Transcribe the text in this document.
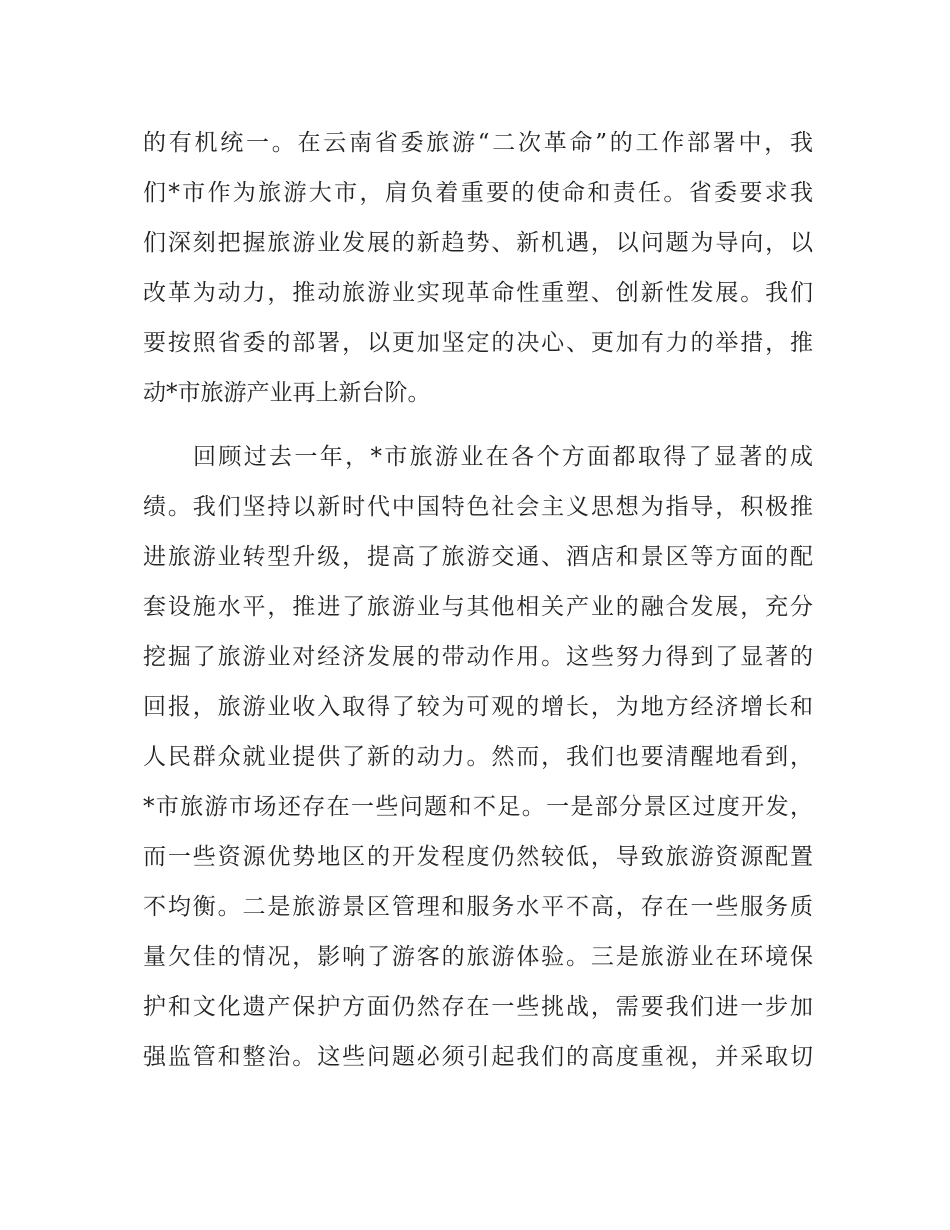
的有机统一。在云南省委旅游“二次革命”的工作部署中，我
们*市作为旅游大市，肩负着重要的使命和责任。省委要求我
们深刻把握旅游业发展的新趋势、新机遇，以问题为导向，以
改革为动力，推动旅游业实现革命性重塑、创新性发展。我们
要按照省委的部署，以更加坚定的决心、更加有力的举措，推
动*市旅游产业再上新台阶。
回顾过去一年，*市旅游业在各个方面都取得了显著的成
绩。我们坚持以新时代中国特色社会主义思想为指导，积极推
进旅游业转型升级，提高了旅游交通、酒店和景区等方面的配
套设施水平，推进了旅游业与其他相关产业的融合发展，充分
挖掘了旅游业对经济发展的带动作用。这些努力得到了显著的
回报，旅游业收入取得了较为可观的增长，为地方经济增长和
人民群众就业提供了新的动力。然而，我们也要清醒地看到，
*市旅游市场还存在一些问题和不足。一是部分景区过度开发，
而一些资源优势地区的开发程度仍然较低，导致旅游资源配置
不均衡。二是旅游景区管理和服务水平不高，存在一些服务质
量欠佳的情况，影响了游客的旅游体验。三是旅游业在环境保
护和文化遗产保护方面仍然存在一些挑战，需要我们进一步加
强监管和整治。这些问题必须引起我们的高度重视，并采取切
